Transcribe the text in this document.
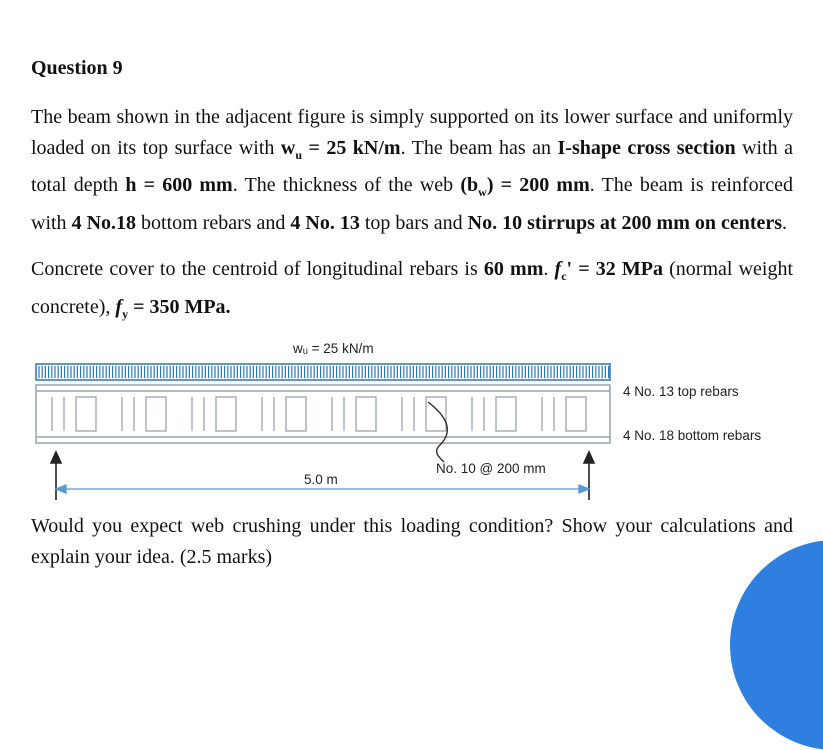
Question 9

The beam shown in the adjacent figure is simply supported on its lower surface and uniformly loaded on its top surface with $w_u = 25$ kN/m. The beam has an I-shape cross section with a total depth h = 600 mm. The thickness of the web $(b_w) = 200$ mm. The beam is reinforced with 4 No.18 bottom rebars and 4 No. 13 top bars and No. 10 stirrups at 200 mm on centers.

Concrete cover to the centroid of longitudinal rebars is 60 mm. $f_c' = 32$ MPa (normal weight concrete), $f_y = 350$ MPa.

wᵤ = 25 kN/m
4 No. 13 top rebars
4 No. 18 bottom rebars
No. 10 @ 200 mm
5.0 m

Would you expect web crushing under this loading condition? Show your calculations and explain your idea. (2.5 marks)
